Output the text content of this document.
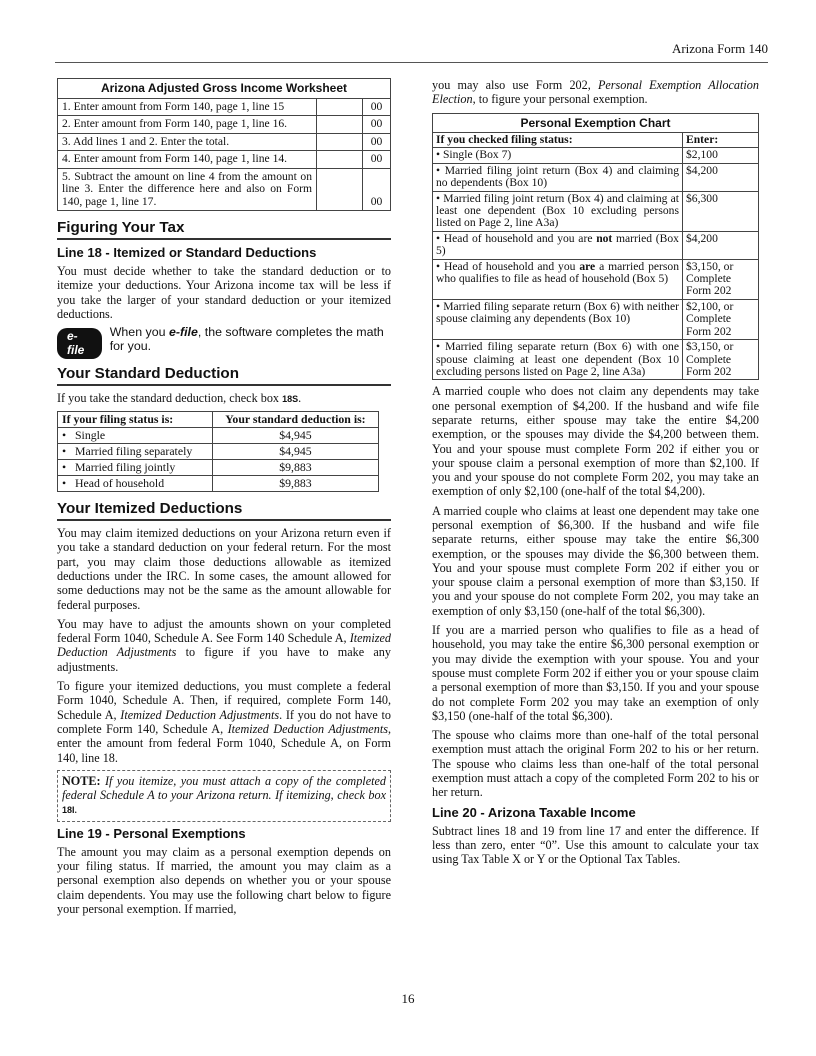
Arizona Form 140
Arizona Adjusted Gross Income Worksheet		
1. Enter amount from Form 140, page 1, line 15		00
2. Enter amount from Form 140, page 1, line 16.		00
3. Add lines 1 and 2. Enter the total.		00
4. Enter amount from Form 140, page 1, line 14.		00
5. Subtract the amount on line 4 from the amount on line 3. Enter the difference here and also on Form 140, page 1, line 17.		00
Figuring Your Tax
Line 18 - Itemized or Standard Deductions

You must decide whether to take the standard deduction or to itemize your deductions. Your Arizona income tax will be less if you take the larger of your standard deduction or your itemized deductions.

e-file
When you e-file, the software completes the math for you.
Your Standard Deduction

If you take the standard deduction, check box 18S.

If your filing status is:	Your standard deduction is:
•   Single	$4,945
•   Married filing separately	$4,945
•   Married filing jointly	$9,883
•   Head of household	$9,883
Your Itemized Deductions

You may claim itemized deductions on your Arizona return even if you take a standard deduction on your federal return. For the most part, you may claim those deductions allowable as itemized deductions under the IRC. In some cases, the amount allowed for some deductions may not be the same as the amount allowable for federal purposes.

You may have to adjust the amounts shown on your completed federal Form 1040, Schedule A. See Form 140 Schedule A, Itemized Deduction Adjustments to figure if you have to make any adjustments.

To figure your itemized deductions, you must complete a federal Form 1040, Schedule A. Then, if required, complete Form 140, Schedule A, Itemized Deduction Adjustments. If you do not have to complete Form 140, Schedule A, Itemized Deduction Adjustments, enter the amount from federal Form 1040, Schedule A, on Form 140, line 18.

NOTE: If you itemize, you must attach a copy of the completed federal Schedule A to your Arizona return. If itemizing, check box 18I.
Line 19 - Personal Exemptions

The amount you may claim as a personal exemption depends on your filing status. If married, the amount you may claim as a personal exemption also depends on whether you or your spouse claim dependents. You may use the following chart below to figure your personal exemption. If married,

you may also use Form 202, Personal Exemption Allocation Election, to figure your personal exemption.

Personal Exemption Chart	
If you checked filing status:	Enter:
• Single (Box 7)	$2,100
• Married filing joint return (Box 4) and claiming no dependents (Box 10)	$4,200
• Married filing joint return (Box 4) and claiming at least one dependent (Box 10 excluding persons listed on Page 2, line A3a)	$6,300
• Head of household and you are not married (Box 5)	$4,200
• Head of household and you are a married person who qualifies to file as head of household (Box 5)	$3,150, or Complete Form 202
• Married filing separate return (Box 6) with neither spouse claiming any dependents (Box 10)	$2,100, or Complete Form 202
• Married filing separate return (Box 6) with one spouse claiming at least one dependent (Box 10 excluding persons listed on Page 2, line A3a)	$3,150, or Complete Form 202

A married couple who does not claim any dependents may take one personal exemption of $4,200. If the husband and wife file separate returns, either spouse may take the entire $4,200 exemption, or the spouses may divide the $4,200 between them. You and your spouse must complete Form 202 if either you or your spouse claim a personal exemption of more than $2,100. If you and your spouse do not complete Form 202, you may take an exemption of only $2,100 (one-half of the total $4,200).

A married couple who claims at least one dependent may take one personal exemption of $6,300. If the husband and wife file separate returns, either spouse may take the entire $6,300 exemption, or the spouses may divide the $6,300 between them. You and your spouse must complete Form 202 if either you or your spouse claim a personal exemption of more than $3,150. If you and your spouse do not complete Form 202, you may take an exemption of only $3,150 (one-half of the total $6,300).

If you are a married person who qualifies to file as a head of household, you may take the entire $6,300 personal exemption or you may divide the exemption with your spouse. You and your spouse must complete Form 202 if either you or your spouse claim a personal exemption of more than $3,150. If you and your spouse do not complete Form 202 you may take an exemption of only $3,150 (one-half of the total $6,300).

The spouse who claims more than one-half of the total personal exemption must attach the original Form 202 to his or her return. The spouse who claims less than one-half of the total personal exemption must attach a copy of the completed Form 202 to his or her return.

Line 20 - Arizona Taxable Income

Subtract lines 18 and 19 from line 17 and enter the difference. If less than zero, enter “0”. Use this amount to calculate your tax using Tax Table X or Y or the Optional Tax Tables.

16
